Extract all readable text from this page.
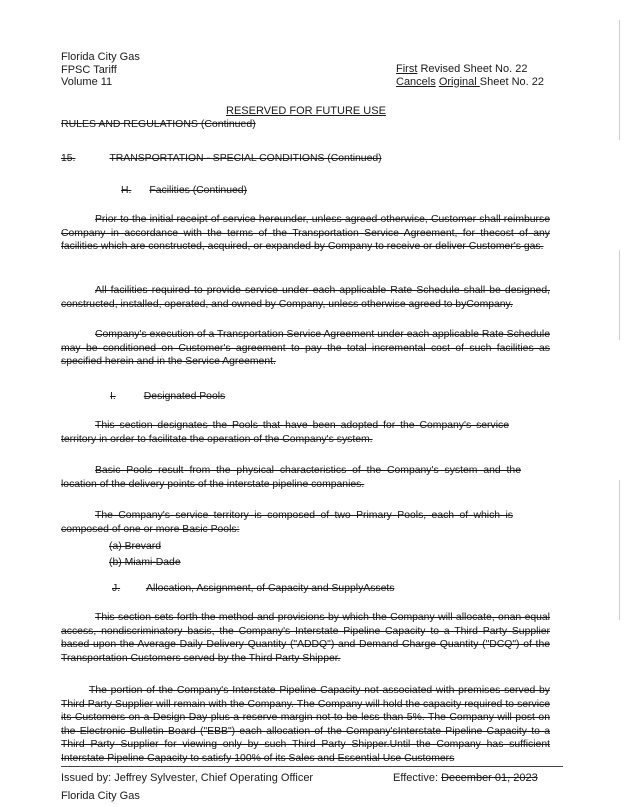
Florida City Gas
FPSC Tariff
Volume 11
First Revised Sheet No. 22
Cancels Original Sheet No. 22
RESERVED FOR FUTURE USE
RULES AND REGULATIONS (Continued)
15.	TRANSPORTATION - SPECIAL CONDITIONS (Continued)
H. Facilities (Continued)
Prior to the initial receipt of service hereunder, unless agreed otherwise, Customer shall reimburse Company in accordance with the terms of the Transportation Service Agreement, for thecost of any facilities which are constructed, acquired, or expanded by Company to receive or deliver Customer's gas.
All facilities required to provide service under each applicable Rate Schedule shall be designed, constructed, installed, operated, and owned by Company, unless otherwise agreed to byCompany.
Company's execution of a Transportation Service Agreement under each applicable Rate Schedule may be conditioned on Customer's agreement to pay the total incremental cost of such facilities as specified herein and in the Service Agreement.
I.	Designated Pools
This section designates the Pools that have been adopted for the Company's service territory in order to facilitate the operation of the Company's system.
Basic Pools result from the physical characteristics of the Company's system and the location of the delivery points of the interstate pipeline companies.
The Company's service territory is composed of two Primary Pools, each of which is composed of one or more Basic Pools:
(a) Brevard
(b) Miami-Dade
J.	Allocation, Assignment, of Capacity and SupplyAssets
This section sets forth the method and provisions by which the Company will allocate, onan equal access, nondiscriminatory basis, the Company's Interstate Pipeline Capacity to a Third Party Supplier based upon the Average Daily Delivery Quantity ("ADDQ") and Demand Charge Quantity ("DCQ") of the Transportation Customers served by the Third Party Shipper.
The portion of the Company's Interstate Pipeline Capacity not associated with premises served by Third Party Supplier will remain with the Company. The Company will hold the capacity required to service its Customers on a Design Day plus a reserve margin not to be less than 5%. The Company will post on the Electronic Bulletin Board ("EBB") each allocation of the Company'sInterstate Pipeline Capacity to a Third Party Supplier for viewing only by such Third Party Shipper.Until the Company has sufficient Interstate Pipeline Capacity to satisfy 100% of its Sales and Essential Use Customers
Issued by: Jeffrey Sylvester, Chief Operating Officer	Effective: December 01, 2023
Florida City Gas
